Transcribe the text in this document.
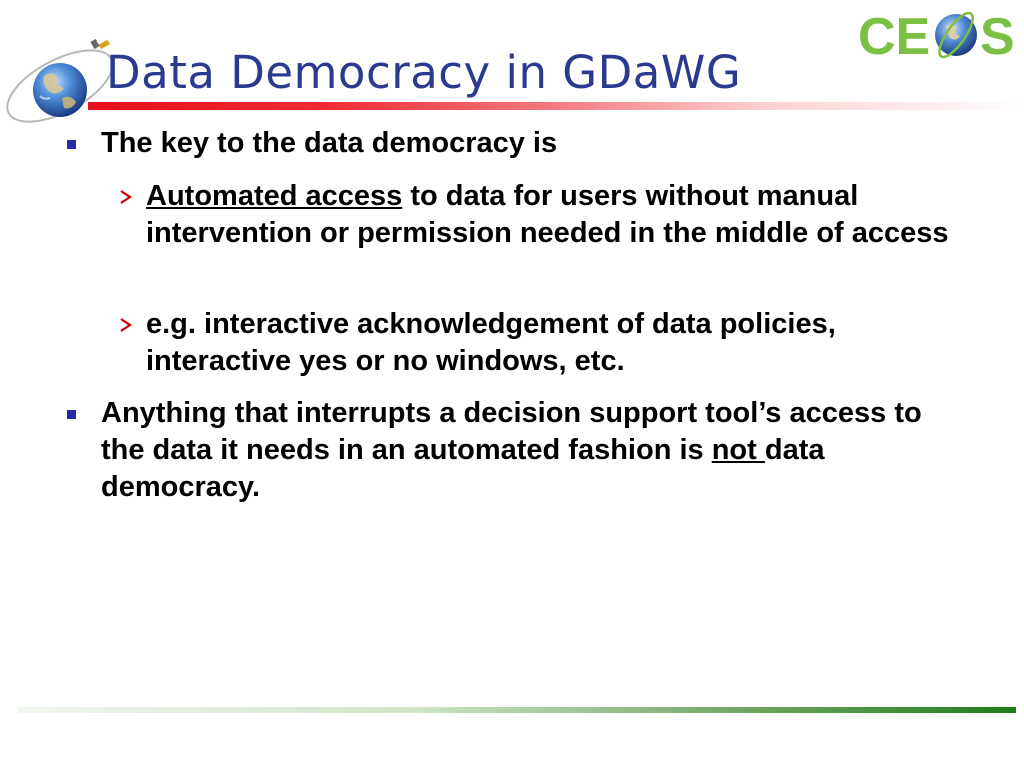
Data Democracy in GDaWG
CE S
The key to the data democracy is
Automated access to data for users without manual intervention or permission needed in the middle of access
e.g. interactive acknowledgement of data policies, interactive yes or no windows, etc.
Anything that interrupts a decision support tool’s access to the data it needs in an automated fashion is not data democracy.
